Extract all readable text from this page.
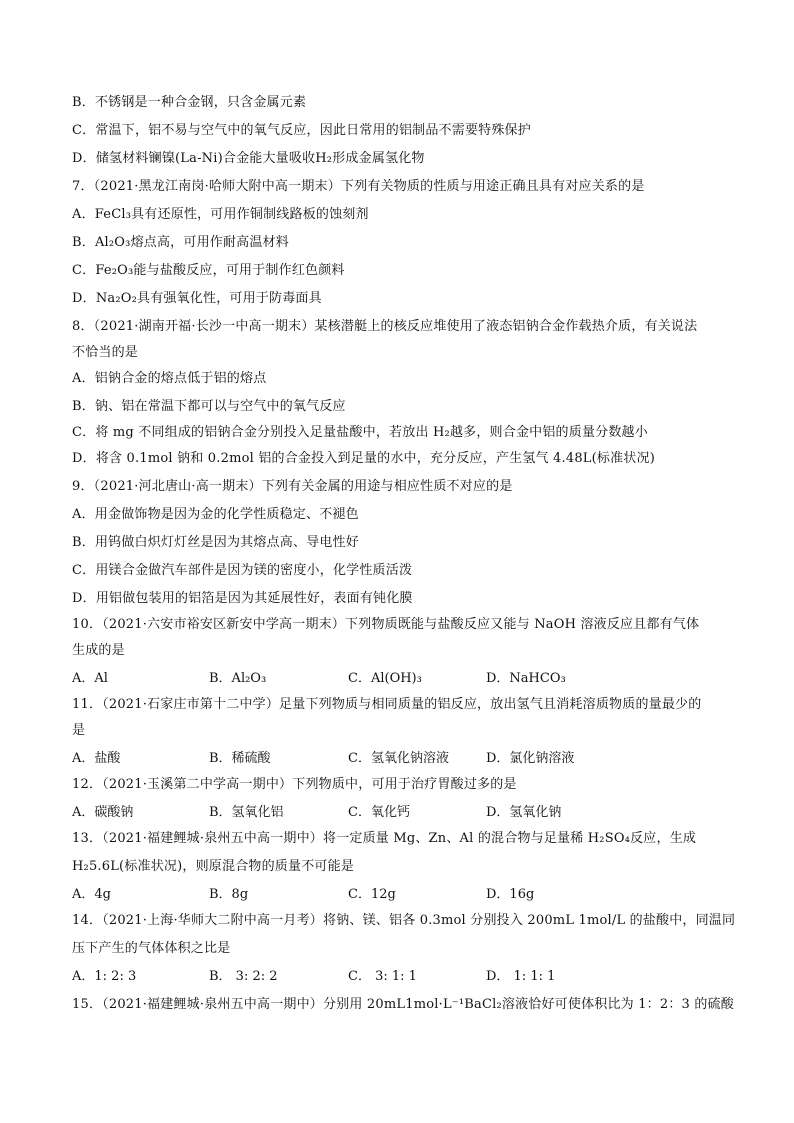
B．不锈钢是一种合金钢，只含金属元素
C．常温下，铝不易与空气中的氧气反应，因此日常用的铝制品不需要特殊保护
D．储氢材料镧镍(La-Ni)合金能大量吸收H₂形成金属氢化物
7．（2021·黑龙江南岗·哈师大附中高一期末）下列有关物质的性质与用途正确且具有对应关系的是
A．FeCl₃具有还原性，可用作铜制线路板的蚀刻剂
B．Al₂O₃熔点高，可用作耐高温材料
C．Fe₂O₃能与盐酸反应，可用于制作红色颜料
D．Na₂O₂具有强氧化性，可用于防毒面具
8．（2021·湖南开福·长沙一中高一期末）某核潜艇上的核反应堆使用了液态铝钠合金作载热介质，有关说法
不恰当的是
A．铝钠合金的熔点低于铝的熔点
B．钠、铝在常温下都可以与空气中的氧气反应
C．将 mg 不同组成的铝钠合金分别投入足量盐酸中，若放出 H₂越多，则合金中铝的质量分数越小
D．将含 0.1mol 钠和 0.2mol 铝的合金投入到足量的水中，充分反应，产生氢气 4.48L(标准状况)
9．（2021·河北唐山·高一期末）下列有关金属的用途与相应性质不对应的是
A．用金做饰物是因为金的化学性质稳定、不褪色
B．用钨做白炽灯灯丝是因为其熔点高、导电性好
C．用镁合金做汽车部件是因为镁的密度小，化学性质活泼
D．用铝做包装用的铝箔是因为其延展性好，表面有钝化膜
10．（2021·六安市裕安区新安中学高一期末）下列物质既能与盐酸反应又能与 NaOH 溶液反应且都有气体
生成的是
A．Al	B．Al₂O₃	C．Al(OH)₃	D．NaHCO₃
11．（2021·石家庄市第十二中学）足量下列物质与相同质量的铝反应，放出氢气且消耗溶质物质的量最少的
是
A．盐酸	B．稀硫酸	C．氢氧化钠溶液	D．氯化钠溶液
12．（2021·玉溪第二中学高一期中）下列物质中，可用于治疗胃酸过多的是
A．碳酸钠	B．氢氧化铝	C．氧化钙	D．氢氧化钠
13．（2021·福建鲤城·泉州五中高一期中）将一定质量 Mg、Zn、Al 的混合物与足量稀 H₂SO₄反应，生成
H₂5.6L(标准状况)，则原混合物的质量不可能是
A．4g	B．8g	C．12g	D．16g
14．（2021·上海·华师大二附中高一月考）将钠、镁、铝各 0.3mol 分别投入 200mL 1mol/L 的盐酸中，同温同
压下产生的气体体积之比是
A．1: 2: 3	B． 3: 2: 2	C． 3: 1: 1	D． 1: 1: 1
15．（2021·福建鲤城·泉州五中高一期中）分别用 20mL1mol·L⁻¹BaCl₂溶液恰好可使体积比为 1：2：3 的硫酸
